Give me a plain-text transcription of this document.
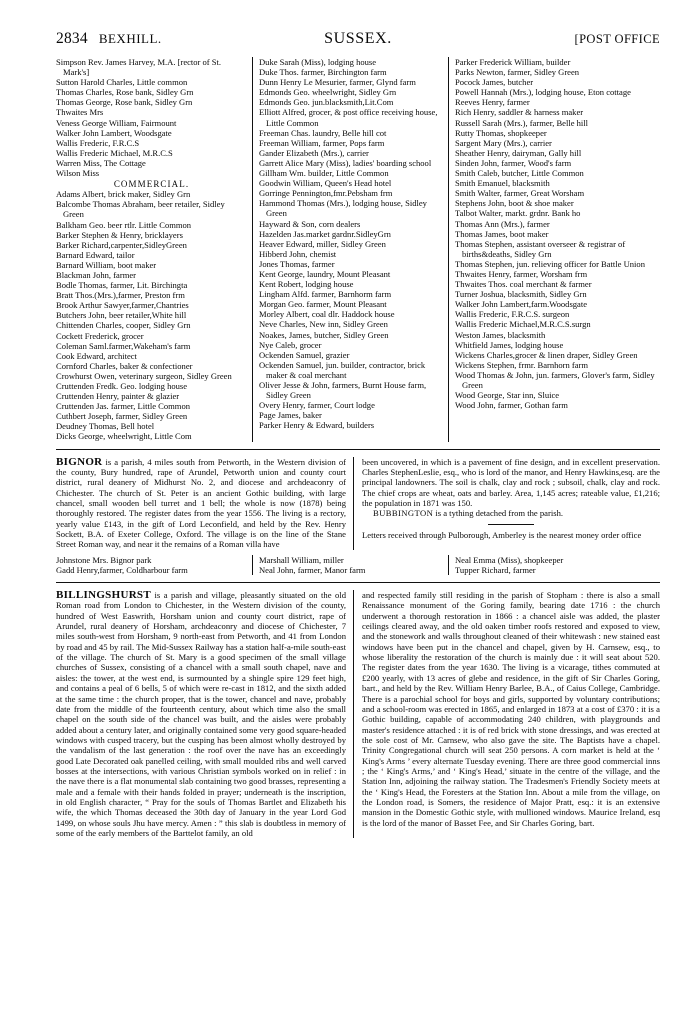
2834 BEXHILL.	SUSSEX.	[POST OFFICE
Simpson Rev. James Harvey, M.A. [rector of St. Mark's]
Sutton Harold Charles, Little common
Thomas Charles, Rose bank, Sidley Grn
Thomas George, Rose bank, Sidley Grn
Thwaites Mrs
Veness George William, Fairmount
Walker John Lambert, Woodsgate
Wallis Frederic, F.R.C.S
Wallis Frederic Michael, M.R.C.S
Warren Miss, The Cottage
Wilson Miss
COMMERCIAL.
Adams Albert, brick maker, Sidley Grn
Balcombe Thomas Abraham, beer retailer, Sidley Green
Balkham Geo. beer rtlr. Little Common
Barker Stephen & Henry, bricklayers
Barker Richard,carpenter,SidleyGreen
Barnard Edward, tailor
Barnard William, boot maker
Blackman John, farmer
Bodle Thomas, farmer, Lit. Birchingta
Bratt Thos.(Mrs.),farmer, Preston frm
Brook Arthur Sawyer,farmer,Chantries
Butchers John, beer retailer,White hill
Chittenden Charles, cooper, Sidley Grn
Cockett Frederick, grocer
Coleman Saml.farmer,Wakeham's farm
Cook Edward, architect
Cornford Charles, baker & confectioner
Crowhurst Owen, veterinary surgeon, Sidley Green
Cruttenden Fredk. Geo. lodging house
Cruttenden Henry, painter & glazier
Cruttenden Jas. farmer, Little Common
Cuthbert Joseph, farmer, Sidley Green
Deudney Thomas, Bell hotel
Dicks George, wheelwright, Little Com
Duke Sarah (Miss), lodging house
Duke Thos. farmer, Birchington farm
Dunn Henry Le Mesurier, farmer, Glynd farm
Edmonds Geo. wheelwright, Sidley Grn
Edmonds Geo. jun.blacksmith,Lit.Com
Elliott Alfred, grocer, & post office receiving house, Little Common
Freeman Chas. laundry, Belle hill cot
Freeman William, farmer, Pops farm
Gander Elizabeth (Mrs.), carrier
Garrett Alice Mary (Miss), ladies' boarding school
Gillham Wm. builder, Little Common
Goodwin William, Queen's Head hotel
Gorringe Pennington,fmr.Pebsham frm
Hammond Thomas (Mrs.), lodging house, Sidley Green
Hayward & Son, corn dealers
Hazelden Jas.market gardnr.SidleyGrn
Heaver Edward, miller, Sidley Green
Hibberd John, chemist
Jones Thomas, farmer
Kent George, laundry, Mount Pleasant
Kent Robert, lodging house
Lingham Alfd. farmer, Barnhorm farm
Morgan Geo. farmer, Mount Pleasant
Morley Albert, coal dlr. Haddock house
Neve Charles, New inn, Sidley Green
Noakes, James, butcher, Sidley Green
Nye Caleb, grocer
Ockenden Samuel, grazier
Ockenden Samuel, jun. builder, contractor, brick maker & coal merchant
Oliver Jesse & John, farmers, Burnt House farm, Sidley Green
Overy Henry, farmer, Court lodge
Page James, baker
Parker Henry & Edward, builders
Parker Frederick William, builder
Parks Newton, farmer, Sidley Green
Pocock James, butcher
Powell Hannah (Mrs.), lodging house, Eton cottage
Reeves Henry, farmer
Rich Henry, saddler & harness maker
Russell Sarah (Mrs.), farmer, Belle hill
Rutty Thomas, shopkeeper
Sargent Mary (Mrs.), carrier
Sheather Henry, dairyman, Gally hill
Sinden John, farmer, Wood's farm
Smith Caleb, butcher, Little Common
Smith Emanuel, blacksmith
Smith Walter, farmer, Great Worsham
Stephens John, boot & shoe maker
Talbot Walter, markt. grdnr. Bank ho
Thomas Ann (Mrs.), farmer
Thomas James, boot maker
Thomas Stephen, assistant overseer & registrar of births&deaths, Sidley Grn
Thomas Stephen, jun. relieving officer for Battle Union
Thwaites Henry, farmer, Worsham frm
Thwaites Thos. coal merchant & farmer
Turner Joshua, blacksmith, Sidley Grn
Walker John Lambert,farm.Woodsgate
Wallis Frederic, F.R.C.S. surgeon
Wallis Frederic Michael,M.R.C.S.surgn
Weston James, blacksmith
Whitfield James, lodging house
Wickens Charles,grocer & linen draper, Sidley Green
Wickens Stephen, frmr. Barnhorn farm
Wood Thomas & John, jun. farmers, Glover's farm, Sidley Green
Wood George, Star inn, Sluice
Wood John, farmer, Gothan farm

BIGNOR is a parish, 4 miles south from Petworth, in the Western division of the county, Bury hundred, rape of Arundel, Petworth union and county court district, rural deanery of Midhurst No. 2, and diocese and archdeaconry of Chichester. The church of St. Peter is an ancient Gothic building, with large chancel, small wooden bell turret and 1 bell; the whole is now (1878) being thoroughly restored. The register dates from the year 1556. The living is a rectory, yearly value £143, in the gift of Lord Leconfield, and held by the Rev. Henry Sockett, B.A. of Exeter College, Oxford. The village is on the line of the Stane Street Roman way, and near it the remains of a Roman villa have

been uncovered, in which is a pavement of fine design, and in excellent preservation. Charles StephenLeslie, esq., who is lord of the manor, and Henry Hawkins,esq. are the principal landowners. The soil is chalk, clay and rock ; subsoil, chalk, clay and rock. The chief crops are wheat, oats and barley. Area, 1,145 acres; rateable value, £1,216; the population in 1871 was 150.

BUBBINGTON is a tything detached from the parish.

Letters received through Pulborough, Amberley is the nearest money order office

Johnstone Mrs. Bignor park
Gadd Henry,farmer, Coldharbour farm
Marshall William, miller
Neal John, farmer, Manor farm
Neal Emma (Miss), shopkeeper
Tupper Richard, farmer

BILLINGSHURST is a parish and village, pleasantly situated on the old Roman road from London to Chichester, in the Western division of the county, hundred of West Easwrith, Horsham union and county court district, rape of Arundel, rural deanery of Horsham, archdeaconry and diocese of Chichester, 7 miles south-west from Horsham, 9 north-east from Petworth, and 41 from London by road and 45 by rail. The Mid-Sussex Railway has a station half-a-mile south-east of the village. The church of St. Mary is a good specimen of the small village churches of Sussex, consisting of a chancel with a small south chapel, nave and aisles: the tower, at the west end, is surmounted by a shingle spire 129 feet high, and contains a peal of 6 bells, 5 of which were re-cast in 1812, and the sixth added at the same time : the church proper, that is the tower, chancel and nave, probably date from the middle of the fourteenth century, about which time also the small chapel on the south side of the chancel was built, and the aisles were probably added about a century later, and originally contained some very good square-headed windows with cusped tracery, but the cusping has been almost wholly destroyed by the vandalism of the last generation : the roof over the nave has an exceedingly good Late Decorated oak panelled ceiling, with small moulded ribs and well carved bosses at the intersections, with various Christian symbols worked on in relief : in the nave there is a flat monumental slab containing two good brasses, representing a male and a female with their hands folded in prayer; underneath is the inscription, in old English character, “ Pray for the souls of Thomas Bartlet and Elizabeth his wife, the which Thomas deceased the 30th day of January in the year Lord God 1499, on whose souls Jhu have mercy. Amen : ” this slab is doubtless in memory of some of the early members of the Barttelot family, an old

and respected family still residing in the parish of Stopham : there is also a small Renaissance monument of the Goring family, bearing date 1716 : the church underwent a thorough restoration in 1866 : a chancel aisle was added, the plaster ceilings cleared away, and the old oaken timber roofs restored and exposed to view, and the stonework and walls throughout cleaned of their whitewash : new stained east windows have been put in the chancel and chapel, given by H. Carnsew, esq., to whose liberality the restoration of the church is mainly due : it will seat about 520. The register dates from the year 1630. The living is a vicarage, tithes commuted at £200 yearly, with 13 acres of glebe and residence, in the gift of Sir Charles Goring, bart., and held by the Rev. William Henry Barlee, B.A., of Caius College, Cambridge. There is a parochial school for boys and girls, supported by voluntary contributions; and a school-room was erected in 1865, and enlarged in 1873 at a cost of £370 : it is a Gothic building, capable of accommodating 240 children, with playgrounds and master's residence attached : it is of red brick with stone dressings, and was erected at the sole cost of Mr. Carnsew, who also gave the site. The Baptists have a chapel. Trinity Congregational church will seat 250 persons. A corn market is held at the ‘ King's Arms ’ every alternate Tuesday evening. There are three good commercial inns ; the ‘ King's Arms,’ and ‘ King's Head,’ situate in the centre of the village, and the Station Inn, adjoining the railway station. The Tradesmen's Friendly Society meets at the ‘ King's Head, the Foresters at the Station Inn. About a mile from the village, on the London road, is Somers, the residence of Major Pratt, esq.: it is an extensive mansion in the Domestic Gothic style, with mullioned windows. Maurice Ireland, esq is the lord of the manor of Basset Fee, and Sir Charles Goring, bart.
